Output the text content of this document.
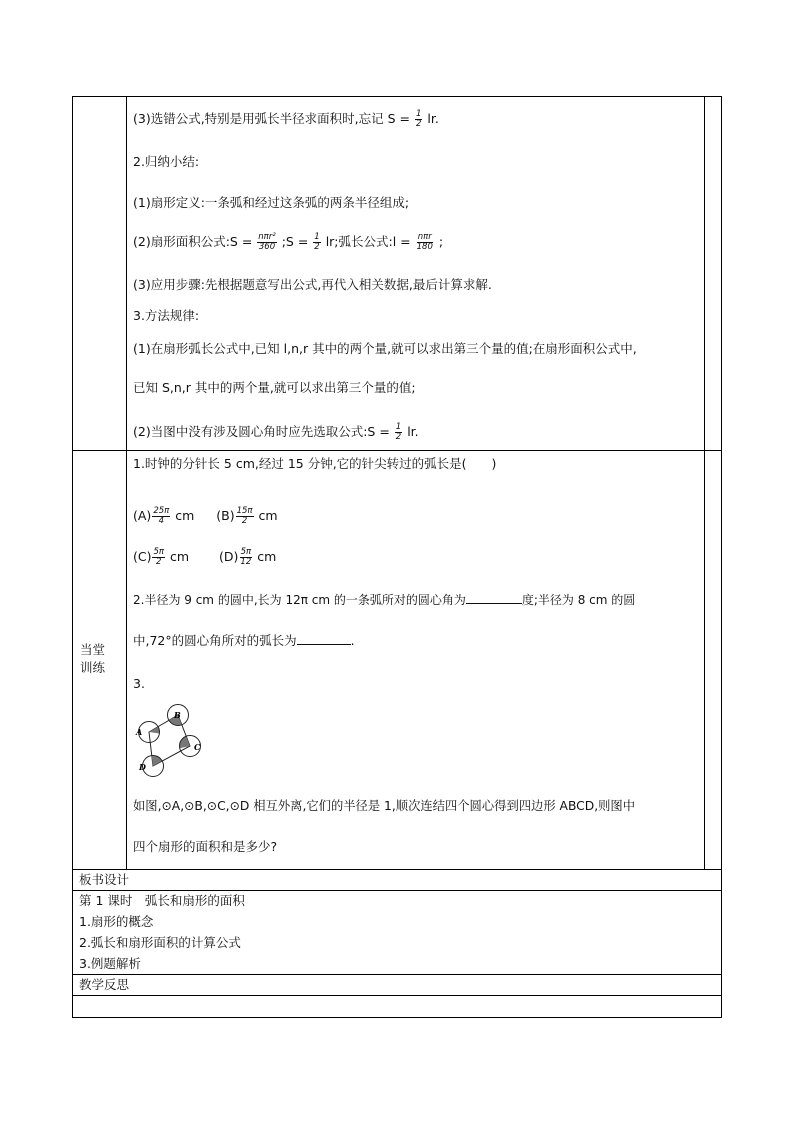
(3)选错公式,特别是用弧长半径求面积时,忘记 $S = \frac{1}{2}$ lr.
2.归纳小结:
(1)扇形定义:一条弧和经过这条弧的两条半径组成;
(2)扇形面积公式:S = $\frac{\text{nπr²}}{360}$ ;S = $\frac{1}{2}$ lr;弧长公式:l = $\frac{\text{nπr}}{180}$ ;
(3)应用步骤:先根据题意写出公式,再代入相关数据,最后计算求解.
3.方法规律:
(1)在扇形弧长公式中,已知 l,n,r 其中的两个量,就可以求出第三个量的值;在扇形面积公式中,
已知 S,n,r 其中的两个量,就可以求出第三个量的值;
(2)当图中没有涉及圆心角时应先选取公式:S = $\frac{1}{2}$ lr.
当堂
训练
1.时钟的分针长 5 cm,经过 15 分钟,它的针尖转过的弧长是(　　)
$(A) \frac{25\pi}{4}$ cm $(B) \frac{15\pi}{2}$ cm
$(C) \frac{5\pi}{2}$ cm $(D) \frac{5\pi}{12}$ cm
2.半径为 9 cm 的圆中,长为 12π cm 的一条弧所对的圆心角为	度;半径为 8 cm 的圆
中,72°的圆心角所对的弧长为	.
3.
A
B
C
D
如图,⊙A,⊙B,⊙C,⊙D 相互外离,它们的半径是 1,顺次连结四个圆心得到四边形 ABCD,则图中
四个扇形的面积和是多少?
板书设计
第 1 课时　弧长和扇形的面积
1.扇形的概念
2.弧长和扇形面积的计算公式
3.例题解析
教学反思
